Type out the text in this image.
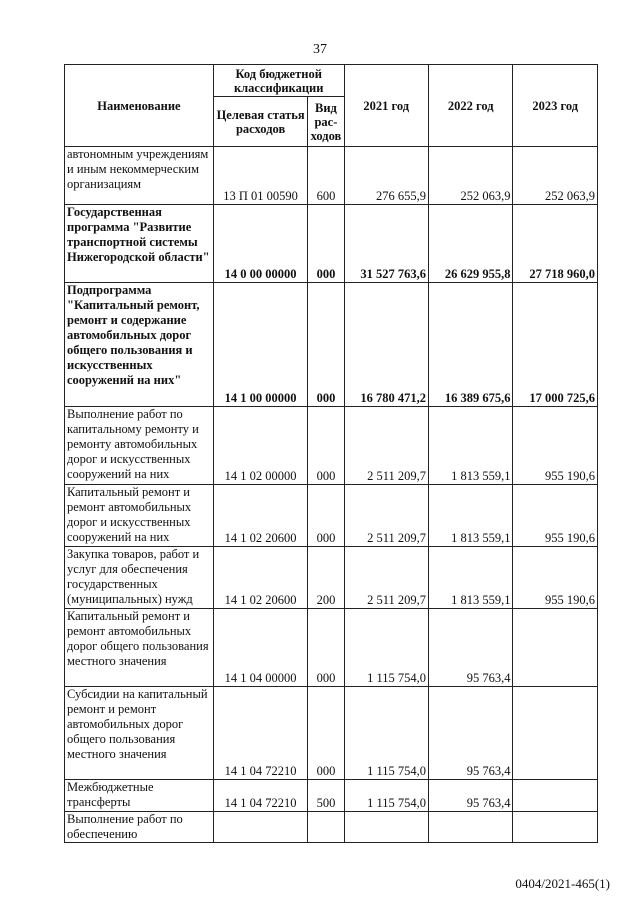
37
Наименование	Код бюджетной классификации		2021 год	2022 год	2023 год
	Целевая статья расходов	Вид рас-ходов			
автономным учреждениям и иным некоммерческим организациям	13 П 01 00590	600	276 655,9	252 063,9	252 063,9
Государственная программа "Развитие транспортной системы Нижегородской области"	14 0 00 00000	000	31 527 763,6	26 629 955,8	27 718 960,0
Подпрограмма "Капитальный ремонт, ремонт и содержание автомобильных дорог общего пользования и искусственных сооружений на них"	14 1 00 00000	000	16 780 471,2	16 389 675,6	17 000 725,6
Выполнение работ по капитальному ремонту и ремонту автомобильных дорог и искусственных сооружений на них	14 1 02 00000	000	2 511 209,7	1 813 559,1	955 190,6
Капитальный ремонт и ремонт автомобильных дорог и искусственных сооружений на них	14 1 02 20600	000	2 511 209,7	1 813 559,1	955 190,6
Закупка товаров, работ и услуг для обеспечения государственных (муниципальных) нужд	14 1 02 20600	200	2 511 209,7	1 813 559,1	955 190,6
Капитальный ремонт и ремонт автомобильных дорог общего пользования местного значения	14 1 04 00000	000	1 115 754,0	95 763,4	
Субсидии на капитальный ремонт и ремонт автомобильных дорог общего пользования местного значения	14 1 04 72210	000	1 115 754,0	95 763,4	
Межбюджетные трансферты	14 1 04 72210	500	1 115 754,0	95 763,4	
Выполнение работ по обеспечению					
0404/2021-465(1)
